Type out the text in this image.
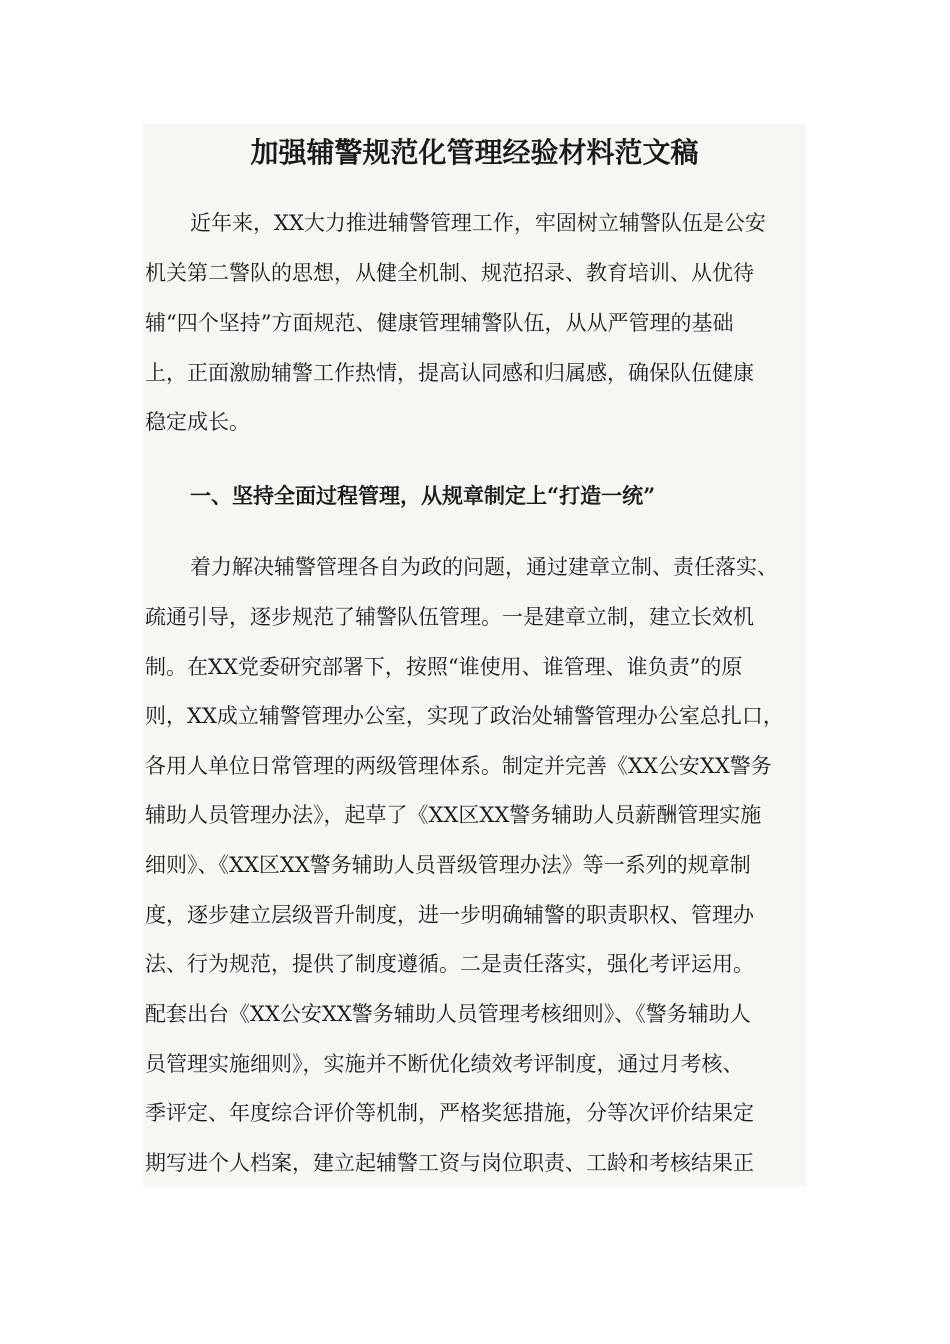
加强辅警规范化管理经验材料范文稿

近年来，XX大力推进辅警管理工作，牢固树立辅警队伍是公安

机关第二警队的思想，从健全机制、规范招录、教育培训、从优待

辅“四个坚持”方面规范、健康管理辅警队伍，从从严管理的基础

上，正面激励辅警工作热情，提高认同感和归属感，确保队伍健康

稳定成长。

一、坚持全面过程管理，从规章制定上“打造一统”

着力解决辅警管理各自为政的问题，通过建章立制、责任落实、

疏通引导，逐步规范了辅警队伍管理。一是建章立制，建立长效机

制。在XX党委研究部署下，按照“谁使用、谁管理、谁负责”的原

则，XX成立辅警管理办公室，实现了政治处辅警管理办公室总扎口，

各用人单位日常管理的两级管理体系。制定并完善《XX公安XX警务

辅助人员管理办法》，起草了《XX区XX警务辅助人员薪酬管理实施

细则》、《XX区XX警务辅助人员晋级管理办法》等一系列的规章制

度，逐步建立层级晋升制度，进一步明确辅警的职责职权、管理办

法、行为规范，提供了制度遵循。二是责任落实，强化考评运用。

配套出台《XX公安XX警务辅助人员管理考核细则》、《警务辅助人

员管理实施细则》，实施并不断优化绩效考评制度，通过月考核、

季评定、年度综合评价等机制，严格奖惩措施，分等次评价结果定

期写进个人档案，建立起辅警工资与岗位职责、工龄和考核结果正
